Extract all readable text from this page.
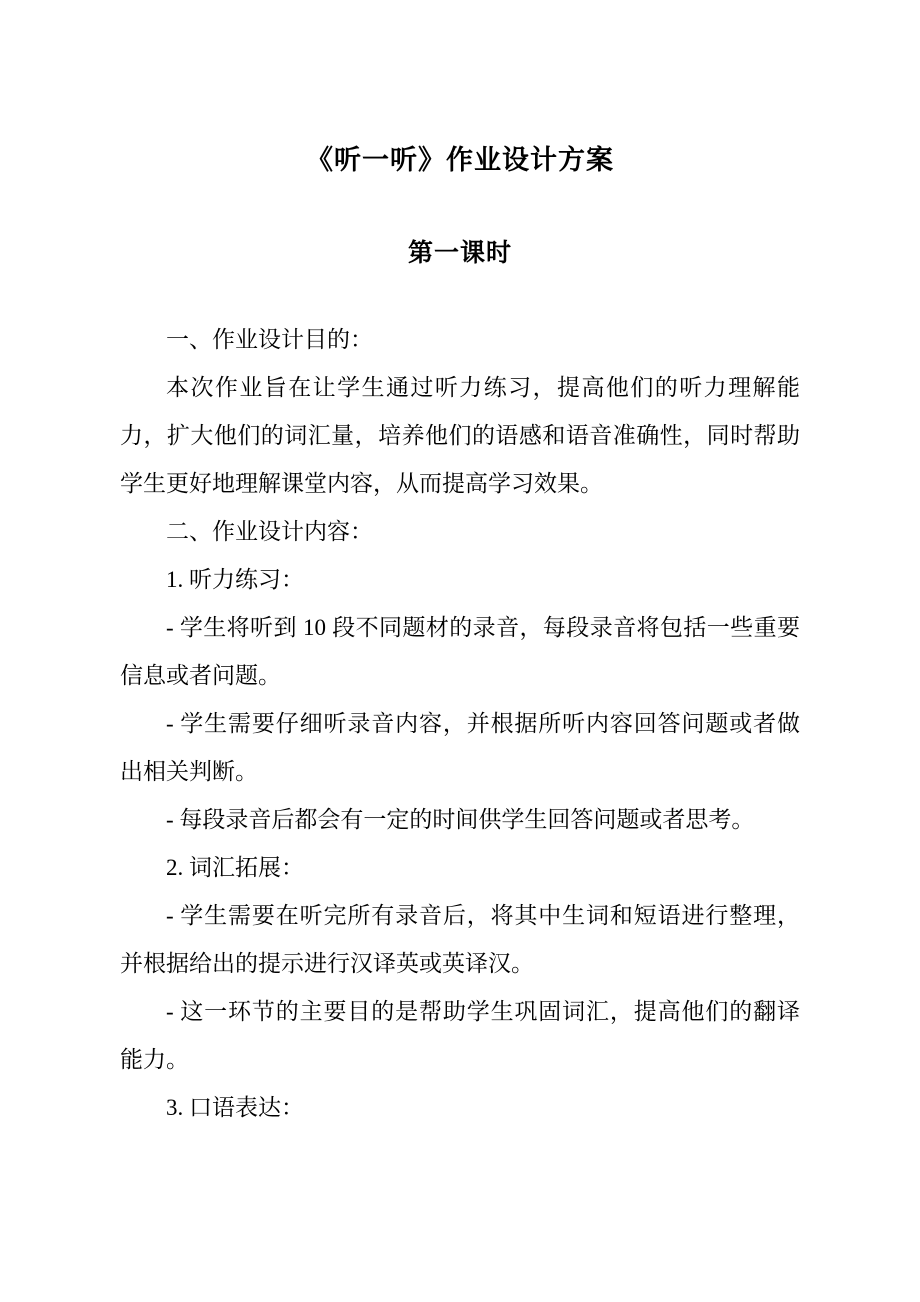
《听一听》作业设计方案
第一课时

一、作业设计目的：

本次作业旨在让学生通过听力练习，提高他们的听力理解能力，扩大他们的词汇量，培养他们的语感和语音准确性，同时帮助学生更好地理解课堂内容，从而提高学习效果。

二、作业设计内容：

1. 听力练习：

- 学生将听到 10 段不同题材的录音，每段录音将包括一些重要信息或者问题。

- 学生需要仔细听录音内容，并根据所听内容回答问题或者做出相关判断。

- 每段录音后都会有一定的时间供学生回答问题或者思考。

2. 词汇拓展：

- 学生需要在听完所有录音后，将其中生词和短语进行整理，并根据给出的提示进行汉译英或英译汉。

- 这一环节的主要目的是帮助学生巩固词汇，提高他们的翻译能力。

3. 口语表达：
